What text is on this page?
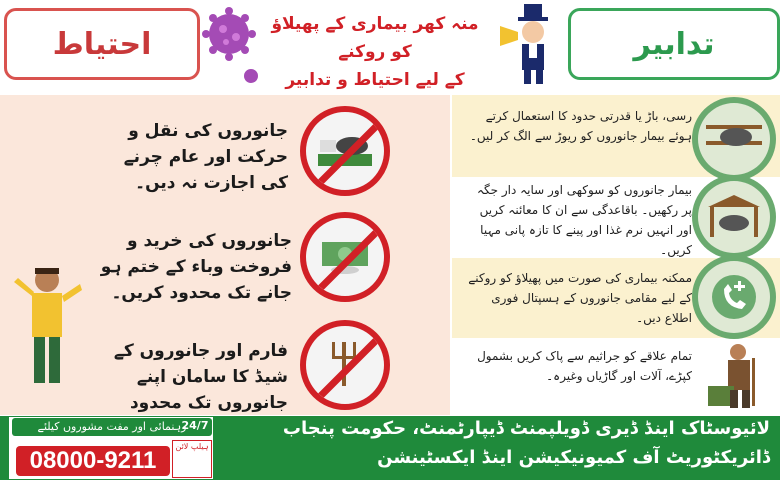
احتیاط
منہ کھر بیماری کے پھیلاؤ کو روکنے
کے لیے احتیاط و تدابیر
تدابیر
جانوروں کی نقل و حرکت اور عام چرنے کی اجازت نہ دیں۔
جانوروں کی خرید و فروخت وباء کے ختم ہو جانے تک محدود کریں۔
فارم اور جانوروں کے شیڈ کا سامان اپنے جانوروں تک محدود
رسی، باڑ یا قدرتی حدود کا استعمال کرتے ہوئے بیمار جانوروں کو ریوڑ سے الگ کر لیں۔
بیمار جانوروں کو سوکھی اور سایہ دار جگہ پر رکھیں۔ باقاعدگی سے ان کا معائنہ کریں اور انہیں نرم غذا اور پینے کا تازہ پانی مہیا کریں۔
ممکنہ بیماری کی صورت میں پھیلاؤ کو روکنے کے لیے مقامی جانوروں کے ہسپتال فوری اطلاع دیں۔
تمام علاقے کو جراثیم سے پاک کریں بشمول کپڑے، آلات اور گاڑیاں وغیرہ۔
رہنمائی اور مفت مشوروں کیلئے
08000-9211
ہیلپ لائن
24/7	لائیوسٹاک اینڈ ڈیری ڈویلپمنٹ ڈیپارٹمنٹ، حکومت پنجاب
ڈائریکٹوریٹ آف کمیونیکیشن اینڈ ایکسٹینشن
